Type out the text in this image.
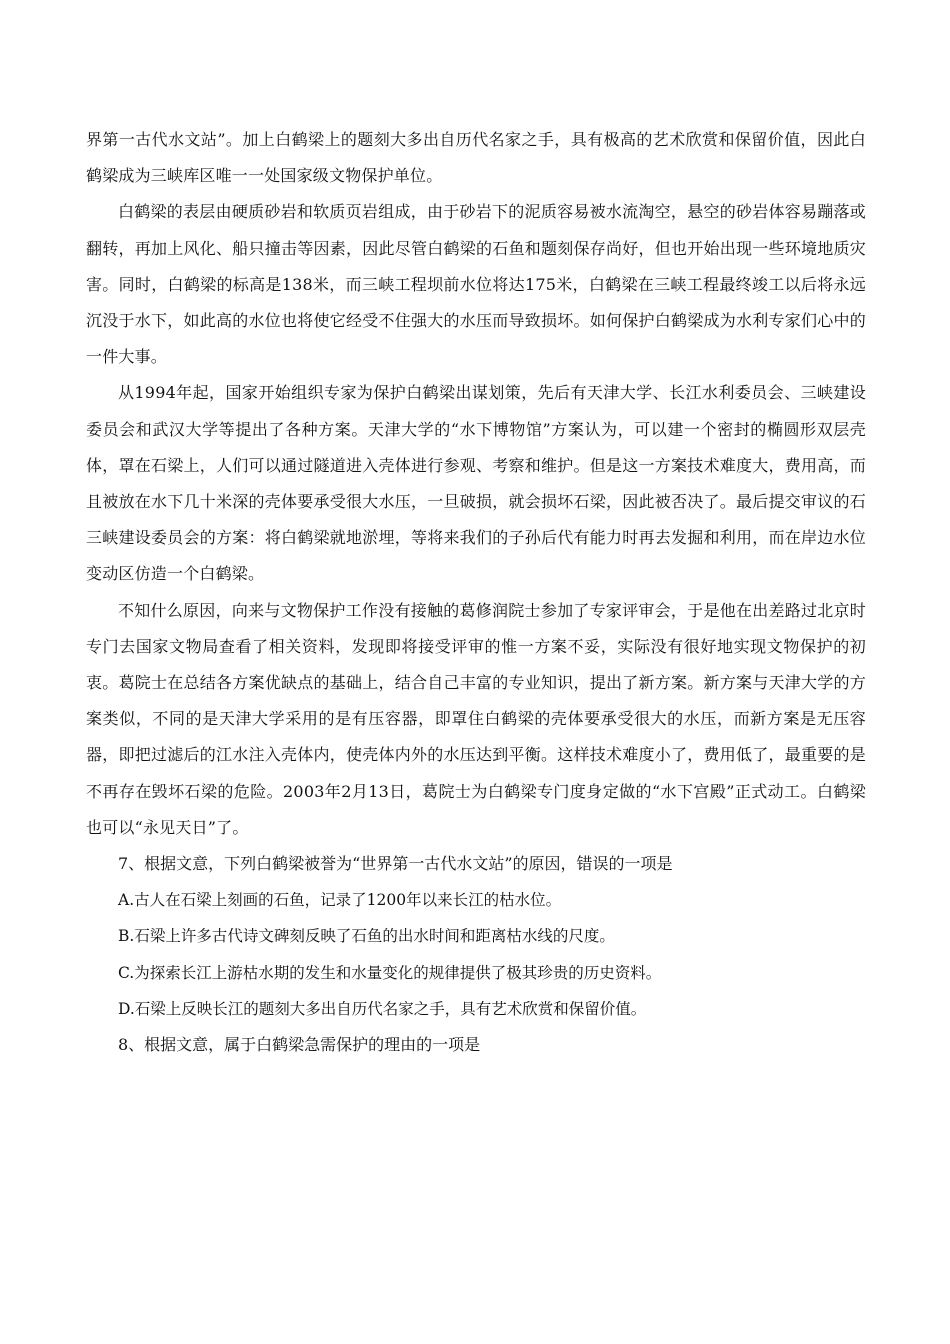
界第一古代水文站”。加上白鹤梁上的题刻大多出自历代名家之手，具有极高的艺术欣赏和保留价值，因此白鹤梁成为三峡库区唯一一处国家级文物保护单位。

白鹤梁的表层由硬质砂岩和软质页岩组成，由于砂岩下的泥质容易被水流淘空，悬空的砂岩体容易蹦落或翻转，再加上风化、船只撞击等因素，因此尽管白鹤梁的石鱼和题刻保存尚好，但也开始出现一些环境地质灾害。同时，白鹤梁的标高是138米，而三峡工程坝前水位将达175米，白鹤梁在三峡工程最终竣工以后将永远沉没于水下，如此高的水位也将使它经受不住强大的水压而导致损坏。如何保护白鹤梁成为水利专家们心中的一件大事。

从1994年起，国家开始组织专家为保护白鹤梁出谋划策，先后有天津大学、长江水利委员会、三峡建设委员会和武汉大学等提出了各种方案。天津大学的“水下博物馆”方案认为，可以建一个密封的椭圆形双层壳体，罩在石梁上，人们可以通过隧道进入壳体进行参观、考察和维护。但是这一方案技术难度大，费用高，而且被放在水下几十米深的壳体要承受很大水压，一旦破损，就会损坏石梁，因此被否决了。最后提交审议的石三峡建设委员会的方案：将白鹤梁就地淤埋，等将来我们的子孙后代有能力时再去发掘和利用，而在岸边水位变动区仿造一个白鹤梁。

不知什么原因，向来与文物保护工作没有接触的葛修润院士参加了专家评审会，于是他在出差路过北京时专门去国家文物局查看了相关资料，发现即将接受评审的惟一方案不妥，实际没有很好地实现文物保护的初衷。葛院士在总结各方案优缺点的基础上，结合自己丰富的专业知识，提出了新方案。新方案与天津大学的方案类似，不同的是天津大学采用的是有压容器，即罩住白鹤梁的壳体要承受很大的水压，而新方案是无压容器，即把过滤后的江水注入壳体内，使壳体内外的水压达到平衡。这样技术难度小了，费用低了，最重要的是不再存在毁坏石梁的危险。2003年2月13日，葛院士为白鹤梁专门度身定做的“水下宫殿”正式动工。白鹤梁也可以“永见天日”了。

7、根据文意，下列白鹤梁被誉为“世界第一古代水文站”的原因，错误的一项是

A.古人在石梁上刻画的石鱼，记录了1200年以来长江的枯水位。

B.石梁上许多古代诗文碑刻反映了石鱼的出水时间和距离枯水线的尺度。

C.为探索长江上游枯水期的发生和水量变化的规律提供了极其珍贵的历史资料。

D.石梁上反映长江的题刻大多出自历代名家之手，具有艺术欣赏和保留价值。

8、根据文意，属于白鹤梁急需保护的理由的一项是
